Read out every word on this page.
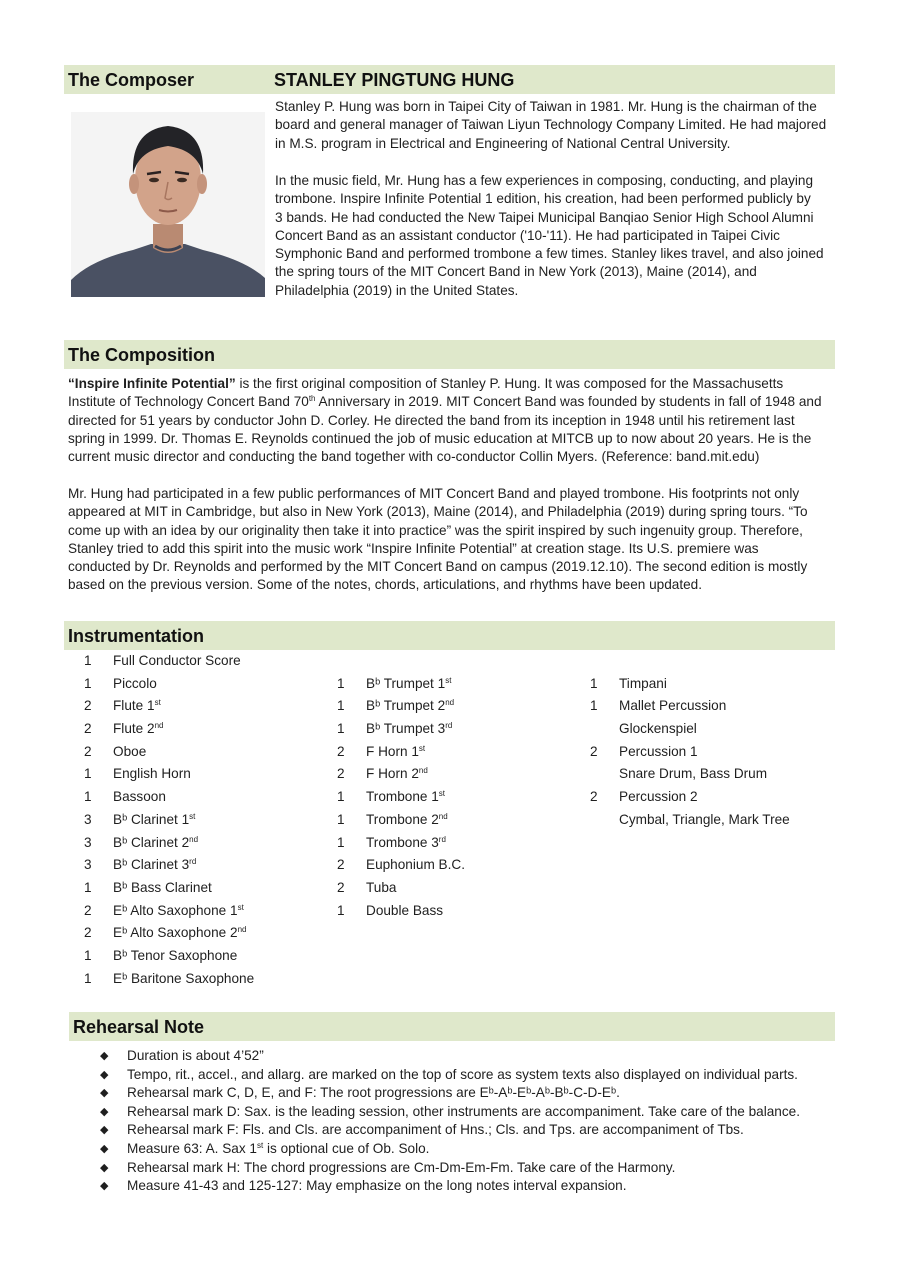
The Composer	STANLEY PINGTUNG HUNG

Stanley P. Hung was born in Taipei City of Taiwan in 1981. Mr. Hung is the chairman of the
board and general manager of Taiwan Liyun Technology Company Limited. He had majored
in M.S. program in Electrical and Engineering of National Central University.

In the music field, Mr. Hung has a few experiences in composing, conducting, and playing
trombone. Inspire Infinite Potential 1 edition, his creation, had been performed publicly by
3 bands. He had conducted the New Taipei Municipal Banqiao Senior High School Alumni
Concert Band as an assistant conductor ('10-'11). He had participated in Taipei Civic
Symphonic Band and performed trombone a few times. Stanley likes travel, and also joined
the spring tours of the MIT Concert Band in New York (2013), Maine (2014), and
Philadelphia (2019) in the United States.

The Composition

“Inspire Infinite Potential” is the first original composition of Stanley P. Hung. It was composed for the Massachusetts
Institute of Technology Concert Band 70th Anniversary in 2019. MIT Concert Band was founded by students in fall of 1948 and
directed for 51 years by conductor John D. Corley. He directed the band from its inception in 1948 until his retirement last
spring in 1999. Dr. Thomas E. Reynolds continued the job of music education at MITCB up to now about 20 years. He is the
current music director and conducting the band together with co-conductor Collin Myers. (Reference: band.mit.edu)

Mr. Hung had participated in a few public performances of MIT Concert Band and played trombone. His footprints not only
appeared at MIT in Cambridge, but also in New York (2013), Maine (2014), and Philadelphia (2019) during spring tours. “To
come up with an idea by our originality then take it into practice” was the spirit inspired by such ingenuity group. Therefore,
Stanley tried to add this spirit into the music work “Inspire Infinite Potential” at creation stage. Its U.S. premiere was
conducted by Dr. Reynolds and performed by the MIT Concert Band on campus (2019.12.10). The second edition is mostly
based on the previous version. Some of the notes, chords, articulations, and rhythms have been updated.

Instrumentation
1	Full Conductor Score
1	Piccolo
2	Flute 1st
2	Flute 2nd
2	Oboe
1	English Horn
1	Bassoon
3	Bᵇ Clarinet 1st
3	Bᵇ Clarinet 2nd
3	Bᵇ Clarinet 3rd
1	Bᵇ Bass Clarinet
2	Eᵇ Alto Saxophone 1st
2	Eᵇ Alto Saxophone 2nd
1	Bᵇ Tenor Saxophone
1	Eᵇ Baritone Saxophone
1	Bᵇ Trumpet 1st
1	Bᵇ Trumpet 2nd
1	Bᵇ Trumpet 3rd
2	F Horn 1st
2	F Horn 2nd
1	Trombone 1st
1	Trombone 2nd
1	Trombone 3rd
2	Euphonium B.C.
2	Tuba
1	Double Bass
1	Timpani
1	Mallet Percussion
Glockenspiel
2	Percussion 1
Snare Drum, Bass Drum
2	Percussion 2
Cymbal, Triangle, Mark Tree
Rehearsal Note
◆ Duration is about 4’52”
◆ Tempo, rit., accel., and allarg. are marked on the top of score as system texts also displayed on individual parts.
◆ Rehearsal mark C, D, E, and F: The root progressions are Eᵇ-Aᵇ-Eᵇ-Aᵇ-Bᵇ-C-D-Eᵇ.
◆ Rehearsal mark D: Sax. is the leading session, other instruments are accompaniment. Take care of the balance.
◆ Rehearsal mark F: Fls. and Cls. are accompaniment of Hns.; Cls. and Tps. are accompaniment of Tbs.
◆ Measure 63: A. Sax 1st is optional cue of Ob. Solo.
◆ Rehearsal mark H: The chord progressions are Cm-Dm-Em-Fm. Take care of the Harmony.
◆ Measure 41-43 and 125-127: May emphasize on the long notes interval expansion.
